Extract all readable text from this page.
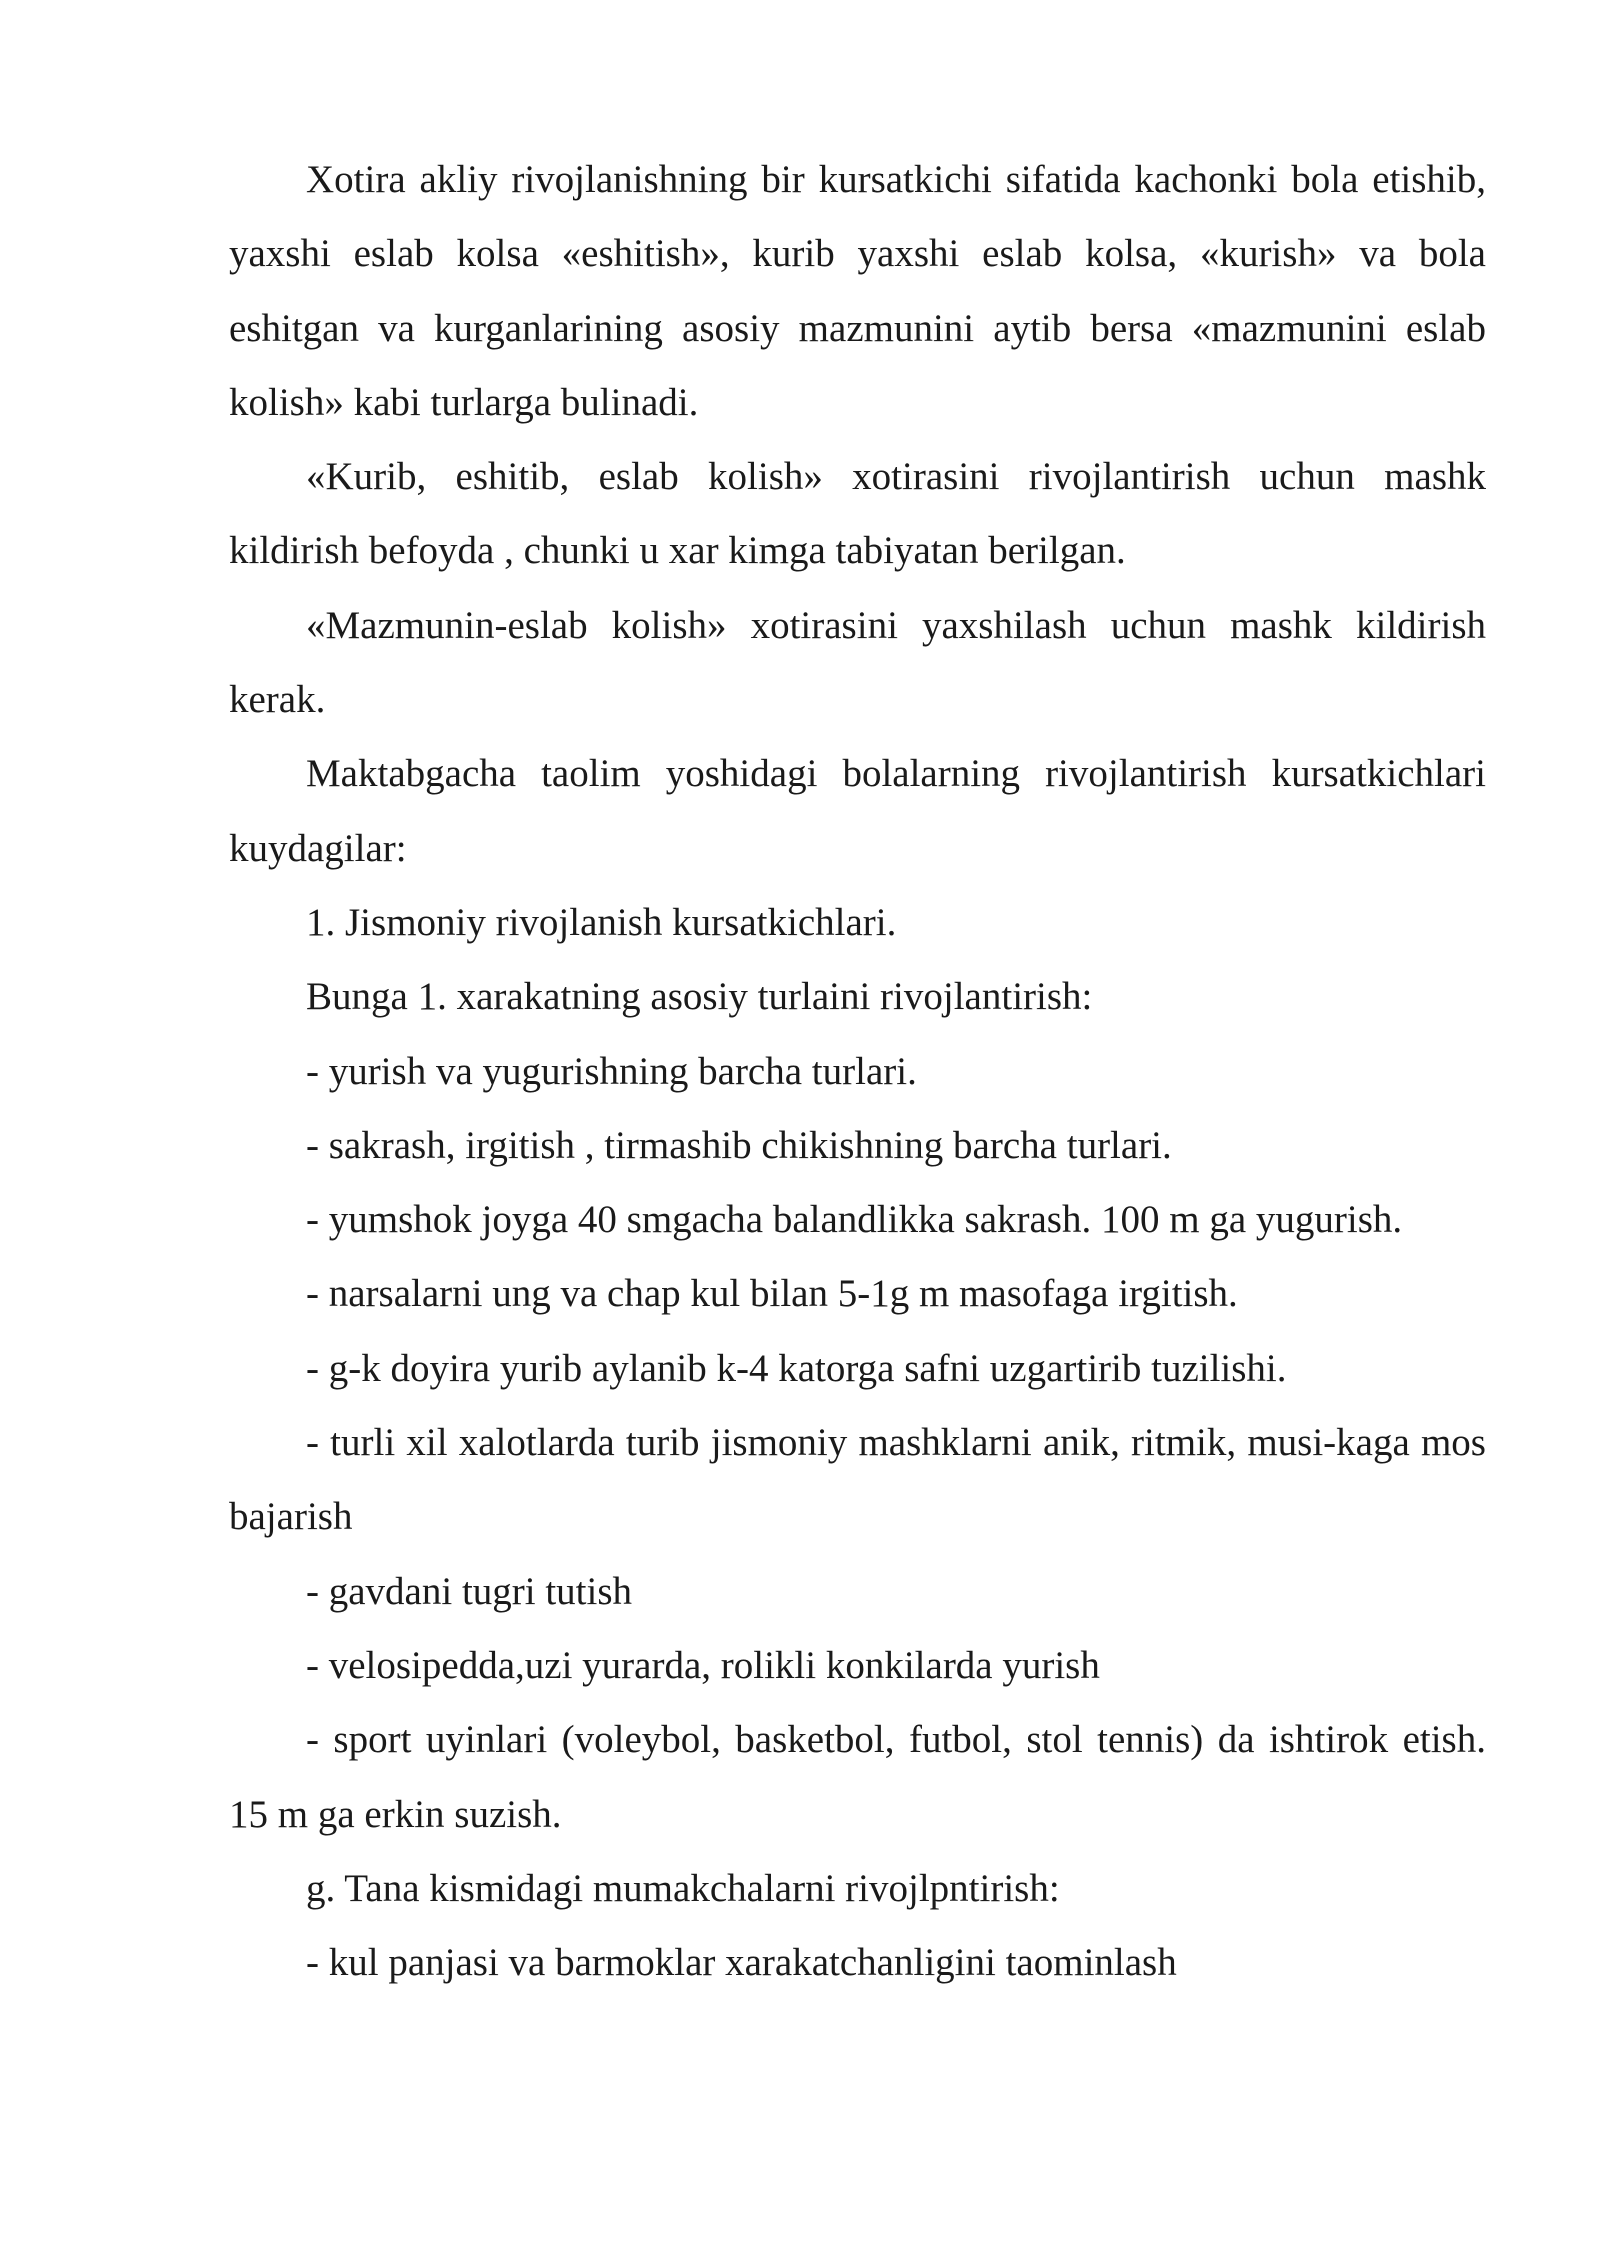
Xotira akliy rivojlanishning bir kursatkichi sifatida kachonki bola etishib, yaxshi eslab kolsa «eshitish», kurib yaxshi eslab kolsa, «kurish» va bola eshitgan va kurganlarining asosiy mazmunini aytib bersa «mazmunini eslab kolish» kabi turlarga bulinadi.

«Kurib, eshitib, eslab kolish» xotirasini rivojlantirish uchun mashk kildirish befoyda , chunki u xar kimga tabiyatan berilgan.

«Mazmunin-eslab kolish» xotirasini yaxshilash uchun mashk kildirish kerak.

Maktabgacha taolim yoshidagi bolalarning rivojlantirish kursatkichlari kuydagilar:

1. Jismoniy rivojlanish kursatkichlari.

Bunga 1. xarakatning asosiy turlaini rivojlantirish:

- yurish va yugurishning barcha turlari.

- sakrash, irgitish , tirmashib chikishning barcha turlari.

- yumshok joyga 40 smgacha balandlikka sakrash. 100 m ga yugurish.

- narsalarni ung va chap kul bilan 5-1g m masofaga irgitish.

- g-k doyira yurib aylanib k-4 katorga safni uzgartirib tuzilishi.

- turli xil xalotlarda turib jismoniy mashklarni anik, ritmik, musi-kaga mos bajarish

- gavdani tugri tutish

- velosipedda,uzi yurarda, rolikli konkilarda yurish

- sport uyinlari (voleybol, basketbol, futbol, stol tennis) da ishtirok etish. 15 m ga erkin suzish.

g. Tana kismidagi mumakchalarni rivojlpntirish:

- kul panjasi va barmoklar xarakatchanligini taominlash
